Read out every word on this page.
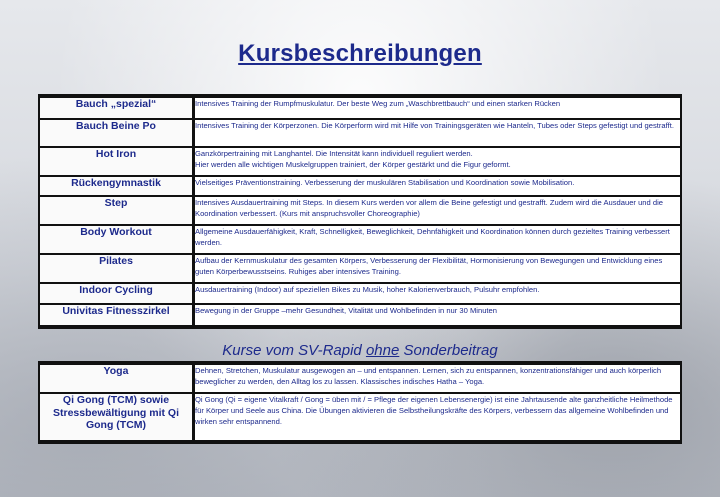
Kursbeschreibungen
Bauch „spezial“	Intensives Training der Rumpfmuskulatur. Der beste Weg zum „Waschbrettbauch“ und einen starken Rücken
Bauch Beine Po	Intensives Training der Körperzonen. Die Körperform wird mit Hilfe von Trainingsgeräten wie Hanteln, Tubes oder Steps gefestigt und gestrafft.
Hot Iron	Ganzkörpertraining mit Langhantel. Die Intensität kann individuell reguliert werden.
Hier werden alle wichtigen Muskelgruppen trainiert, der Körper gestärkt und die Figur geformt.
Rückengymnastik	Vielseitiges Präventionstraining. Verbesserung der muskulären Stabilisation und Koordination sowie Mobilisation.
Step	Intensives Ausdauertraining mit Steps. In diesem Kurs werden vor allem die Beine gefestigt und gestrafft. Zudem wird die Ausdauer und die Koordination verbessert. (Kurs mit anspruchsvoller Choreographie)
Body Workout	Allgemeine Ausdauerfähigkeit, Kraft, Schnelligkeit, Beweglichkeit, Dehnfähigkeit und Koordination können durch gezieltes Training verbessert werden.
Pilates	Aufbau der Kernmuskulatur des gesamten Körpers, Verbesserung der Flexibilität, Hormonisierung von Bewegungen und Entwicklung eines guten Körperbewusstseins. Ruhiges aber intensives Training.
Indoor Cycling	Ausdauertraining (Indoor) auf speziellen Bikes zu Musik, hoher Kalorienverbrauch, Pulsuhr empfohlen.
Univitas Fitnesszirkel	Bewegung in der Gruppe –mehr Gesundheit, Vitalität und Wohlbefinden in nur 30 Minuten
Kurse vom SV-Rapid ohne Sonderbeitrag
Yoga	Dehnen, Stretchen, Muskulatur ausgewogen an – und entspannen. Lernen, sich zu entspannen, konzentrationsfähiger und auch körperlich beweglicher zu werden, den Alltag los zu lassen. Klassisches indisches Hatha – Yoga.
Qi Gong (TCM) sowie Stressbewältigung mit Qi Gong (TCM)	Qi Gong (Qi = eigene Vitalkraft / Gong = üben mit / = Pflege der eigenen Lebensenergie) ist eine Jahrtausende alte ganzheitliche Heilmethode für Körper und Seele aus China. Die Übungen aktivieren die Selbstheilungskräfte des Körpers, verbessern das allgemeine Wohlbefinden und wirken sehr entspannend.
